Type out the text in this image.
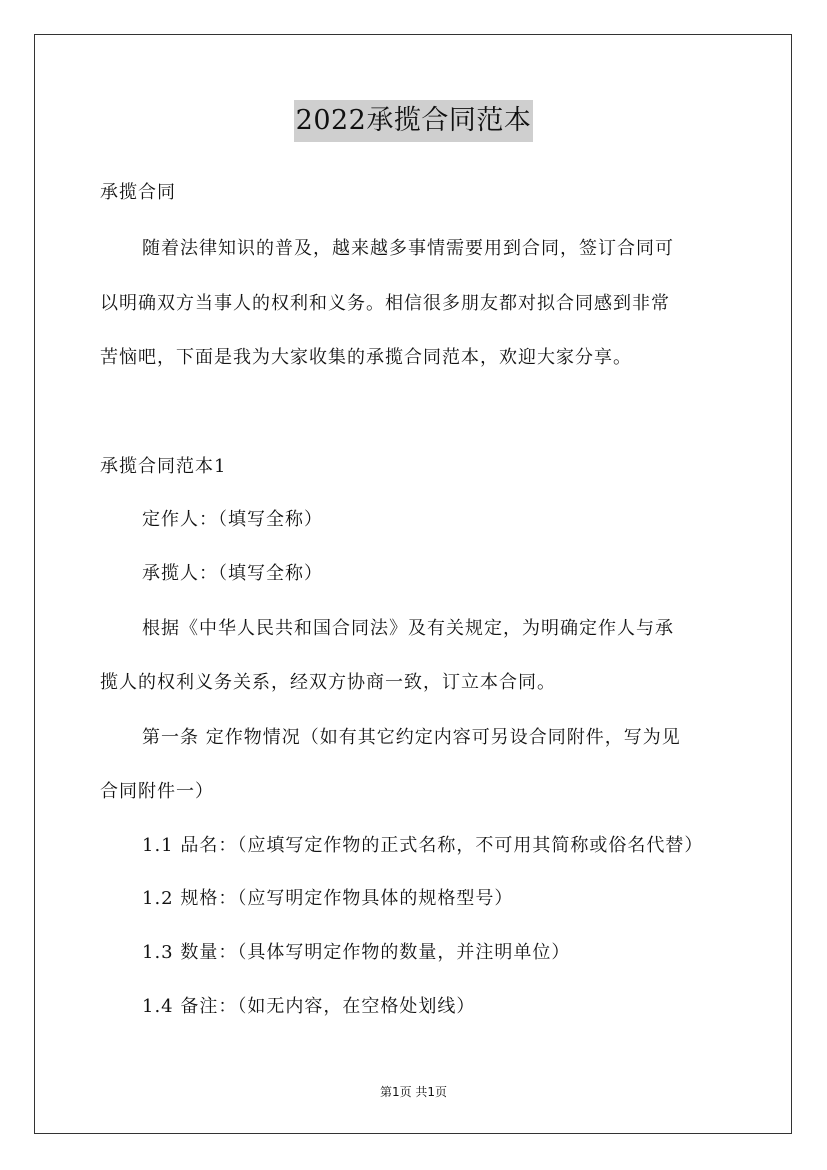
2022承揽合同范本
承揽合同
随着法律知识的普及，越来越多事情需要用到合同，签订合同可
以明确双方当事人的权利和义务。相信很多朋友都对拟合同感到非常
苦恼吧，下面是我为大家收集的承揽合同范本，欢迎大家分享。
承揽合同范本1
定作人：（填写全称）
承揽人：（填写全称）
根据《中华人民共和国合同法》及有关规定，为明确定作人与承
揽人的权利义务关系，经双方协商一致，订立本合同。
第一条 定作物情况（如有其它约定内容可另设合同附件，写为见
合同附件一）
1.1 品名：（应填写定作物的正式名称，不可用其简称或俗名代替）
1.2 规格：（应写明定作物具体的规格型号）
1.3 数量：（具体写明定作物的数量，并注明单位）
1.4 备注：（如无内容，在空格处划线）
第1页 共1页
